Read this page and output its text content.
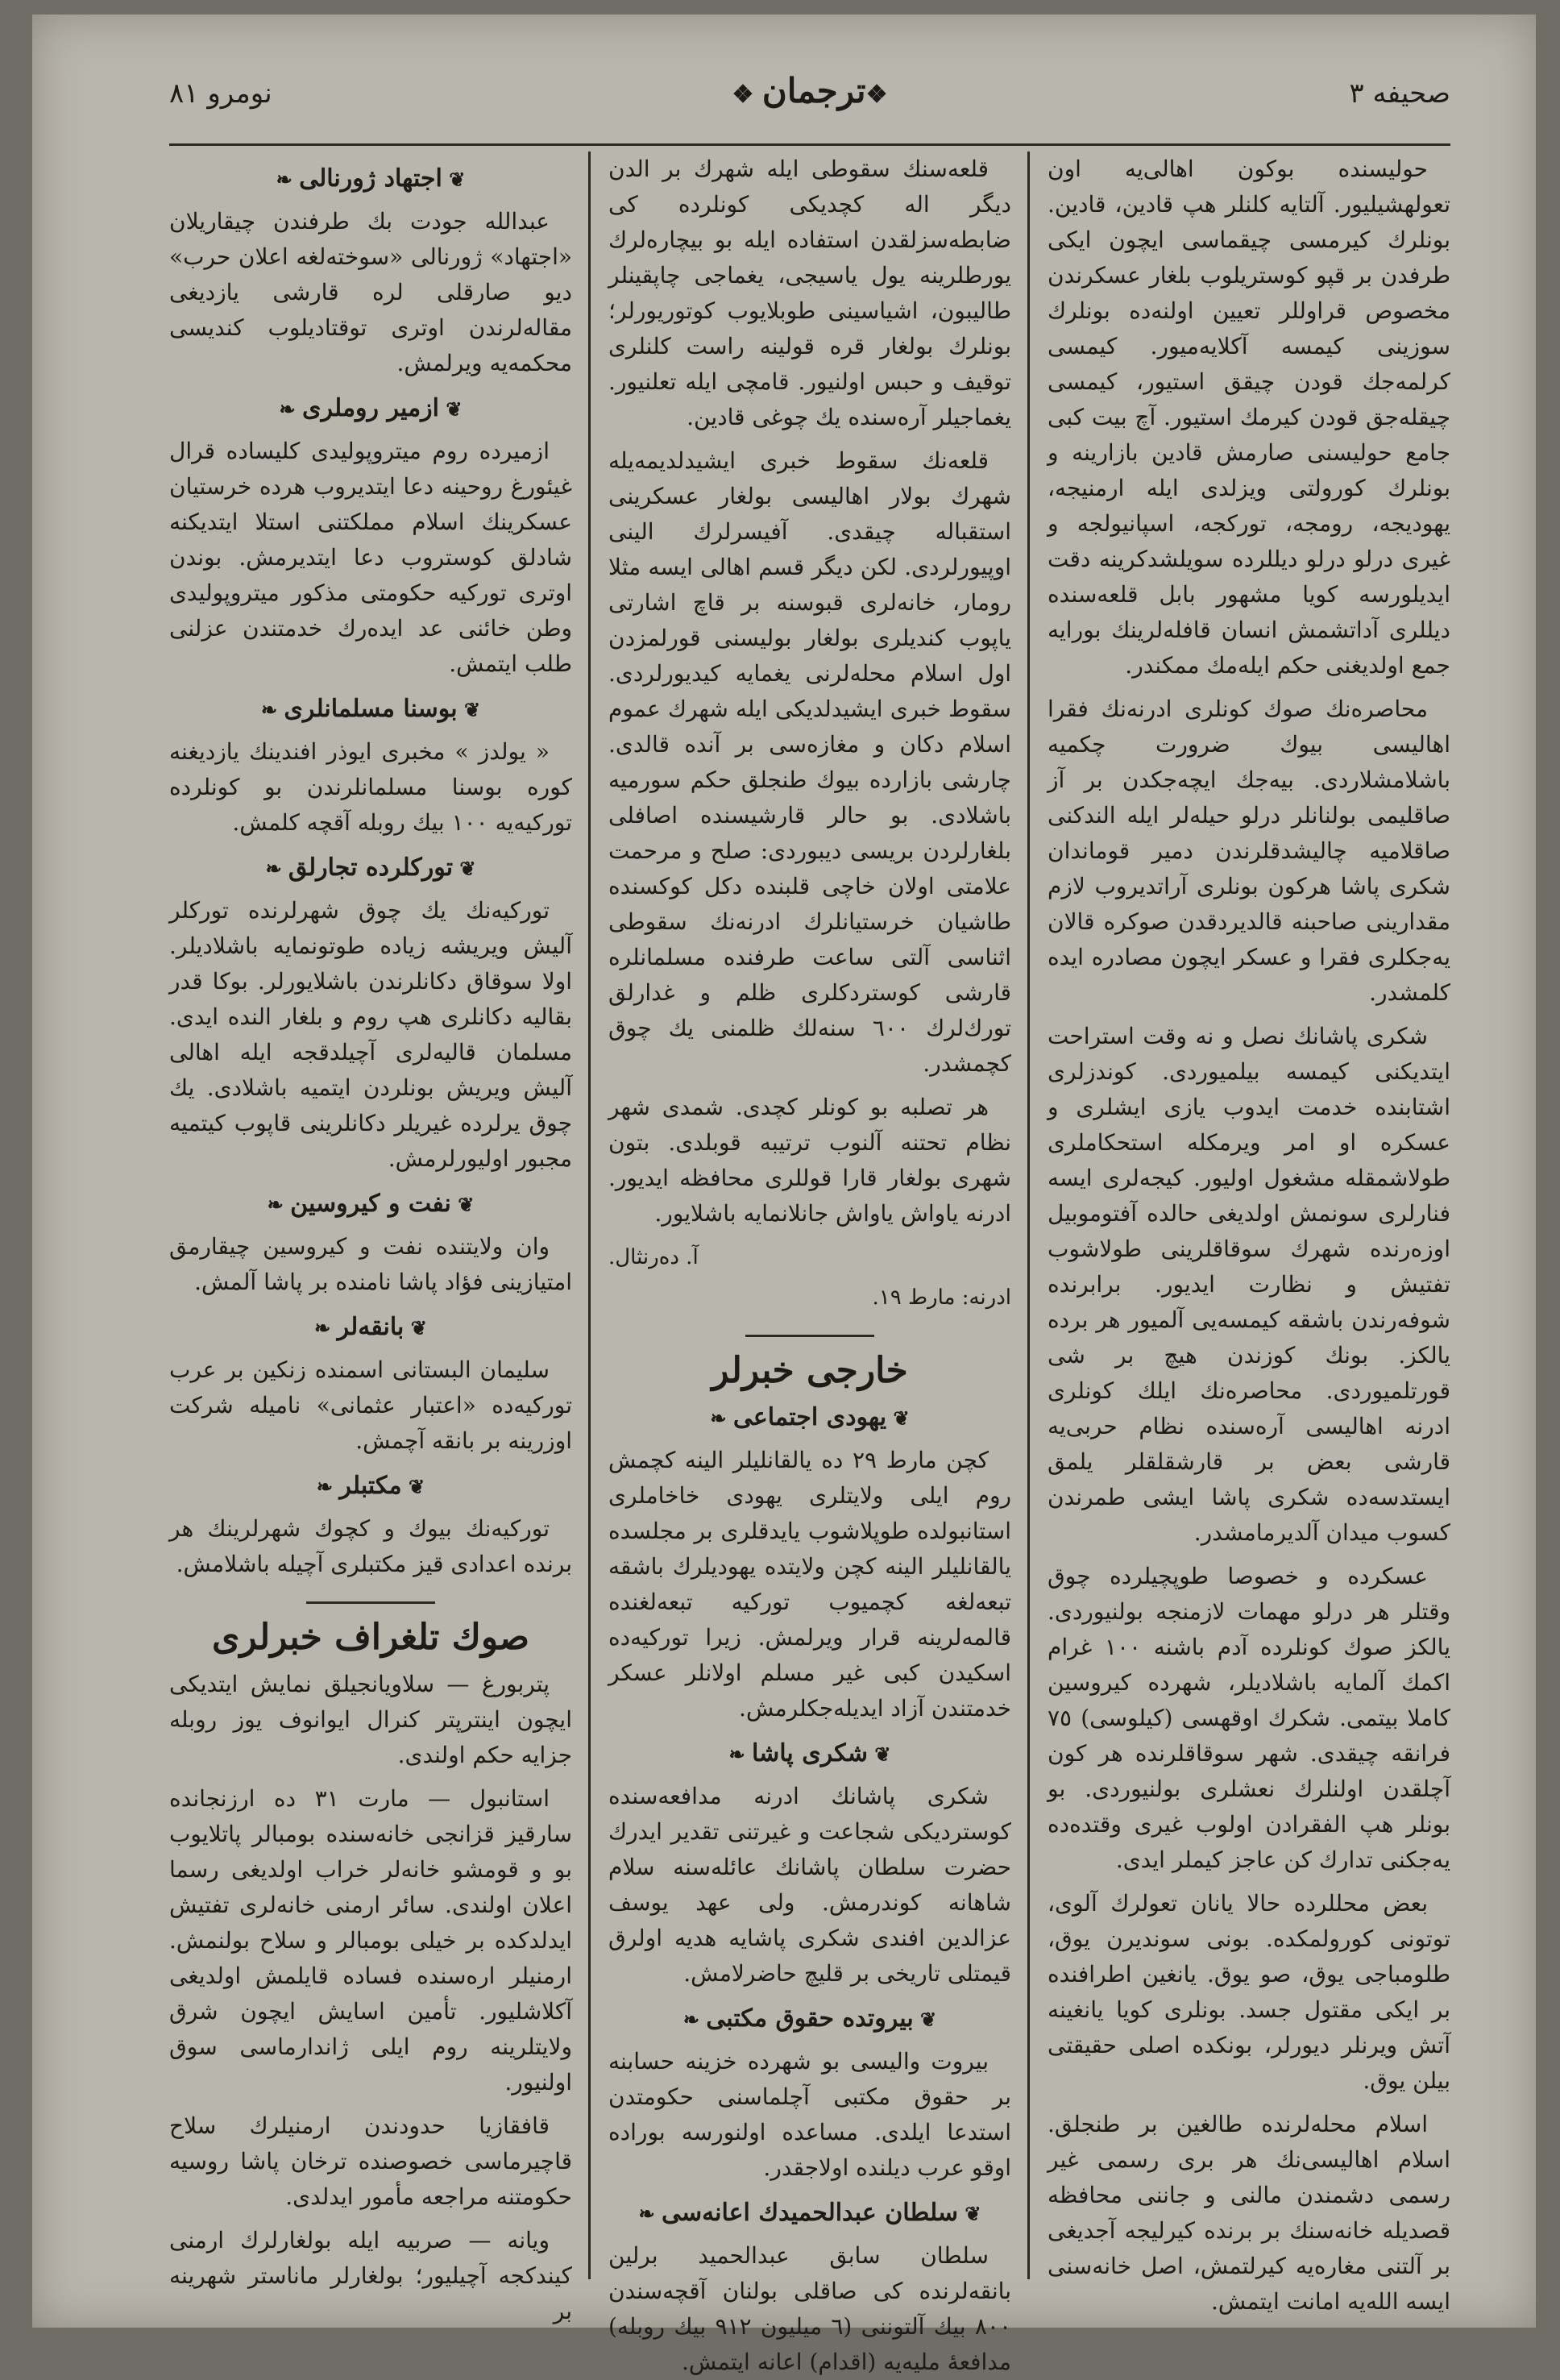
صحيفه ٣
❖ ترجمان ❖
نومرو ٨١

حولیسنده بوكون اهالی‌یه اون تعولهشیلیور. آلتایه كلنلر هپ قادین، قادین. بونلرك كیرمسی چیقماسی ایچون ایكی طرفدن بر قپو كوستریلوب بلغار عسكرندن مخصوص قراوللر تعیین اولنه‌ده بونلرك سوزینی كیمسه آكلایه‌میور. كیمسی كرلمه‌جك قودن چیقق استیور، كیمسی چیقله‌جق قودن كیرمك استیور. آچ بیت كبی جامع حولیسنی صارمش قادین بازارینه و بونلرك كورولتی ویزلدی ایله ارمنیجه، یهودیجه، رومجه، توركجه، اسپانیولجه و غیری درلو درلو دیللرده سویلشدكرینه دقت ایدیلورسه كویا مشهور بابل قلعه‌سنده دیللری آداتشمش انسان قافله‌لرینك بورایه جمع اولدیغنی حكم ایله‌مك ممكندر.

محاصره‌نك صوك كونلری ادرنه‌نك فقرا اهالیسی بیوك ضرورت چكمیه باشلامشلاردی. بیه‌جك ایچه‌جكدن بر آز صاقلیمی بولنانلر درلو حیله‌لر ایله الندكنی صاقلامیه چالیشدقلرندن دمیر قوماندان شكری پاشا هركون بونلری آراتدیروب لازم مقدارینی صاحبنه قالدیردقدن صوكره قالان یه‌جكلری فقرا و عسكر ایچون مصادره ایده كلمشدر.

شكری پاشانك نصل و نه وقت استراحت ایتدیكنی كیمسه بیلمیوردی. كوندزلری اشتابنده خدمت ایدوب یازی ایشلری و عسكره او امر ویرمكله استحكاملری طولاشمقله مشغول اولیور. كیجه‌لری ایسه فنارلری سونمش اولدیغی حالده آفتوموبیل اوزه‌رنده شهرك سوقاقلرینی طولاشوب تفتیش و نظارت ایدیور. برابرنده شوفه‌رندن باشقه كیمسه‌یی آلمیور هر برده یالكز. بونك كوزندن هیچ بر شی قورتلمیوردی. محاصره‌نك ایلك كونلری ادرنه اهالیسی آره‌سنده نظام حربی‌یه قارشی بعض بر قارشقلقلر یلمق ایستدسه‌ده شكری پاشا ایشی طمرندن كسوب میدان آلدیرمامشدر.

عسكرده و خصوصا طوپچیلرده چوق وقتلر هر درلو مهمات لازمنجه بولنیوردی. یالكز صوك كونلرده آدم باشنه ١٠٠ غرام اكمك آلمایه باشلادیلر، شهرده كیروسین كاملا بیتمی. شكرك اوقهسی (كیلوسی) ٧٥ فرانقه چیقدی. شهر سوقاقلرنده هر كون آچلقدن اولنلرك نعشلری بولنیوردی. بو بونلر هپ الفقرادن اولوب غیری وقتده‌ده یه‌جكنی تدارك كن عاجز كیملر ایدی.

بعض محللرده حالا یانان تعولرك آلوی، توتونی كورولمكده. بونی سوندیرن یوق، طلومباجی یوق، صو یوق. یانغین اطرافنده بر ایكی مقتول جسد. بونلری كویا یانغینه آتش ویرنلر دیورلر، بونكده اصلی حقیقتی بیلن یوق.

اسلام محله‌لرنده طالغین بر طنجلق. اسلام اهالیسی‌نك هر بری رسمی غیر رسمی دشمندن مالنی و جاننی محافظه قصدیله خانه‌سنك بر برنده كیرلیجه آجدیغی بر آلتنی مغاره‌یه كیرلتمش، اصل خانه‌سنی ایسه الله‌یه امانت ایتمش.

قلعه‌سنك سقوطی ایله شهرك بر الدن دیگر اله كچدیكی كونلرده كی ضابطه‌سزلقدن استفاده ایله بو بیچاره‌لرك یورطلرینه یول یاسیجی، یغماجی چاپقینلر طالیبون، اشیاسینی طوبلایوب كوتوریورلر؛ بونلرك بولغار قره قولینه راست كلنلری توقیف و حبس اولنیور. قامچی ایله تعلنیور. یغماجیلر آره‌سنده یك چوغی قادین.

قلعه‌نك سقوط خبری ایشیدلدیمه‌یله شهرك بولار اهالیسی بولغار عسكرینی استقباله چیقدی. آفیسرلرك الینی اوپیورلردی. لكن دیگر قسم اهالی ایسه مثلا رومار، خانه‌لری قبوسنه بر قاچ اشارتی یاپوب كندیلری بولغار بولیسنی قورلمزدن اول اسلام محله‌لرنی یغمایه كیدیورلردی. سقوط خبری ایشیدلدیكی ایله شهرك عموم اسلام دكان و مغازه‌سی بر آنده قالدی. چارشی بازارده بیوك طنجلق حكم سورمیه باشلادی. بو حالر قارشیسنده اصافلی بلغارلردن بریسی دیبوردی: صلح و مرحمت علامتی اولان خاچی قلبنده دكل كوكسنده طاشیان خرستیانلرك ادرنه‌نك سقوطی اثناسی آلتی ساعت طرفنده مسلمانلره قارشی كوستردكلری ظلم و غدارلق تورك‌لرك ٦٠٠ سنه‌لك ظلمنی یك چوق كچمشدر.

هر تصلبه بو كونلر كچدی. شمدی شهر نظام تحتنه آلنوب ترتیبه قوبلدی. بتون شهری بولغار قارا قوللری محافظه ایدیور. ادرنه یاواش یاواش جانلانمایه باشلایور.

آ. ده‌رنثال.
ادرنه: مارط ١٩.
خارجی خبرلر
❦ یهودی اجتماعی ❧

كچن مارط ٢٩ ده یالقانلیلر الینه كچمش روم ایلی ولایتلری یهودی خاخاملری استانبولده طوپلاشوب یایدقلری بر مجلسده یالقانلیلر الینه كچن ولایتده یهودیلرك باشقه تبعه‌لغه كچمیوب توركیه تبعه‌لغنده قالمه‌لرینه قرار ویرلمش. زیرا توركیه‌ده اسكیدن كبی غیر مسلم اولانلر عسكر خدمتندن آزاد ایدیله‌جكلرمش.

❦ شكری پاشا ❧

شكری پاشانك ادرنه مدافعه‌سنده كوستردیكی شجاعت و غیرتنی تقدیر ایدرك حضرت سلطان پاشانك عائله‌سنه سلام شاهانه كوندرمش. ولی عهد یوسف عزالدین افندی شكری پاشایه هدیه اولرق قیمتلی تاریخی بر قلیچ حاضرلامش.

❦ بیروتده حقوق مكتبی ❧

بیروت والیسی بو شهرده خزینه حسابنه بر حقوق مكتبی آچلماسنی حكومتدن استدعا ایلدی. مساعده اولنورسه بوراده اوقو عرب دیلنده اولاجقدر.

❦ سلطان عبدالحمیدك اعانه‌سی ❧

سلطان سابق عبدالحمید برلین بانقه‌لرنده كی صاقلی بولنان آقچه‌سندن ٨٠٠ بیك آلتوننی (٦ میلیون ٩١٢ بیك روبله) مدافعهٔ ملیه‌یه (اقدام) اعانه ایتمش.

❦ اجتهاد ژورنالی ❧

عبدالله جودت بك طرفندن چیقاریلان «اجتهاد» ژورنالی «سوخته‌لغه اعلان حرب» دیو صارقلی لره قارشی یازدیغی مقاله‌لرندن اوتری توقتادیلوب كندیسی محكمه‌یه ویرلمش.

❦ ازمیر روملری ❧

ازمیرده روم میتروپولیدی كلیساده قرال غیئورغ روحینه دعا ایتدیروب هرده خرستیان عسكرینك اسلام مملكتنی استلا ایتدیكنه شادلق كوستروب دعا ایتدیرمش. بوندن اوتری توركیه حكومتی مذكور میتروپولیدی وطن خائنی عد ایده‌رك خدمتندن عزلنی طلب ایتمش.

❦ بوسنا مسلمانلری ❧

« یولدز » مخبری ایوذر افندینك یازدیغنه كوره بوسنا مسلمانلرندن بو كونلرده توركیه‌یه ١٠٠ بیك روبله آقچه كلمش.

❦ توركلرده تجارلق ❧

توركیه‌نك یك چوق شهرلرنده توركلر آلیش ویریشه زیاده طوتونمایه باشلادیلر. اولا سوقاق دكانلرندن باشلایورلر. بوكا قدر بقالیه دكانلری هپ روم و بلغار النده ایدی. مسلمان قالیه‌لری آچیلدقجه ایله اهالی آلیش ویریش بونلردن ایتمیه باشلادی. یك چوق یرلرده غیریلر دكانلرینی قاپوب كیتمیه مجبور اولیورلرمش.

❦ نفت و كیروسین ❧

وان ولایتنده نفت و كیروسین چیقارمق امتیازینی فؤاد پاشا نامنده بر پاشا آلمش.

❦ بانقه‌لر ❧

سلیمان البستانی اسمنده زنكین بر عرب توركیه‌ده «اعتبار عثمانی» نامیله شركت اوزرینه بر بانقه آچمش.

❦ مكتبلر ❧

توركیه‌نك بیوك و كچوك شهرلرینك هر برنده اعدادی قیز مكتبلری آچیله باشلامش.

صوك تلغراف خبرلری

پتربورغ — سلاویانجیلق نمایش ایتدیكی ایچون اینترپتر كنرال ایوانوف یوز روبله جزایه حكم اولندی.

استانبول — مارت ٣١ ده ارزنجانده سارقیز قزانجی خانه‌سنده بومبالر پاتلایوب بو و قومشو خانه‌لر خراب اولدیغی رسما اعلان اولندی. سائر ارمنی خانه‌لری تفتیش ایدلدكده بر خیلی بومبالر و سلاح بولنمش. ارمنیلر اره‌سنده فساده قایلمش اولدیغی آكلاشلیور. تأمین اسایش ایچون شرق ولایتلرینه روم ایلی ژاندارماسی سوق اولنیور.

قافقازیا حدودندن ارمنیلرك سلاح قاچیرماسی خصوصنده ترخان پاشا روسیه حكومتنه مراجعه مأمور ایدلدی.

ویانه — صربیه ایله بولغارلرك ارمنی كیندكجه آچیلیور؛ بولغارلر ماناستر شهرینه بر
